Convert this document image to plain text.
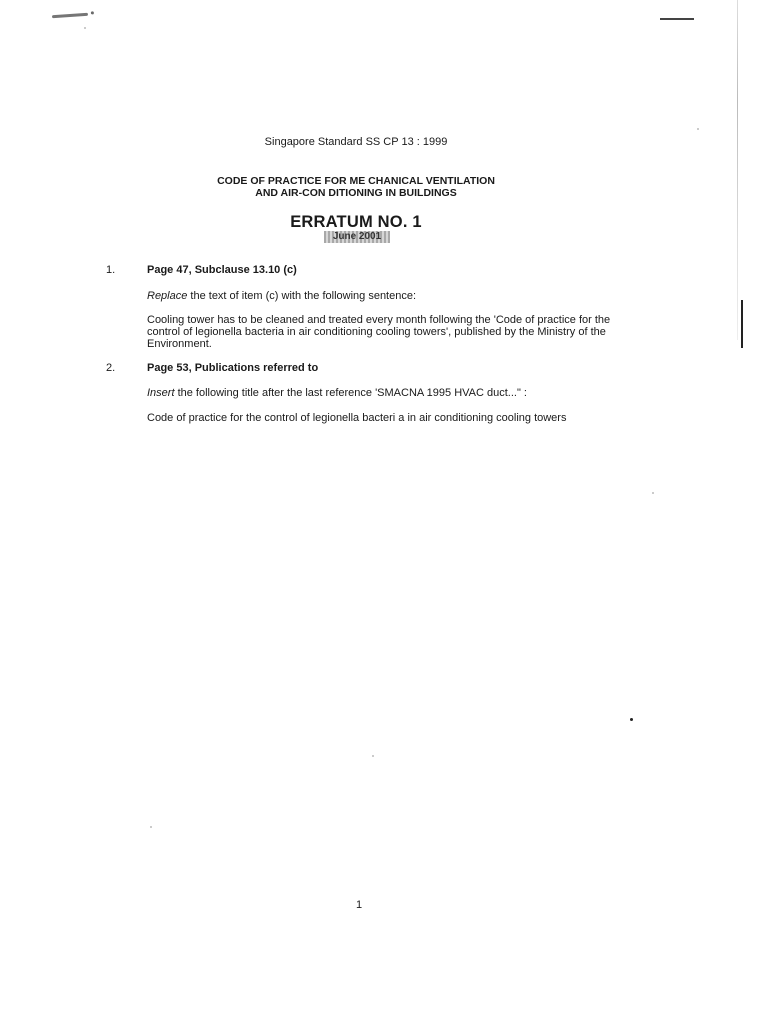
Singapore Standard SS CP 13 : 1999
CODE OF PRACTICE FOR ME CHANICAL VENTILATION
AND AIR-CON DITIONING IN BUILDINGS
ERRATUM NO. 1
June 2001
1.	Page 47, Subclause 13.10 (c)
Replace the text of item (c) with the following sentence:
Cooling tower has to be cleaned and treated every month following the 'Code of practice for the control of legionella bacteria in air conditioning cooling towers', published by the Ministry of the Environment.
2.	Page 53, Publications referred to
Insert the following title after the last reference 'SMACNA 1995 HVAC duct..." :
Code of practice for the control of legionella bacteri a in air conditioning cooling towers
1
